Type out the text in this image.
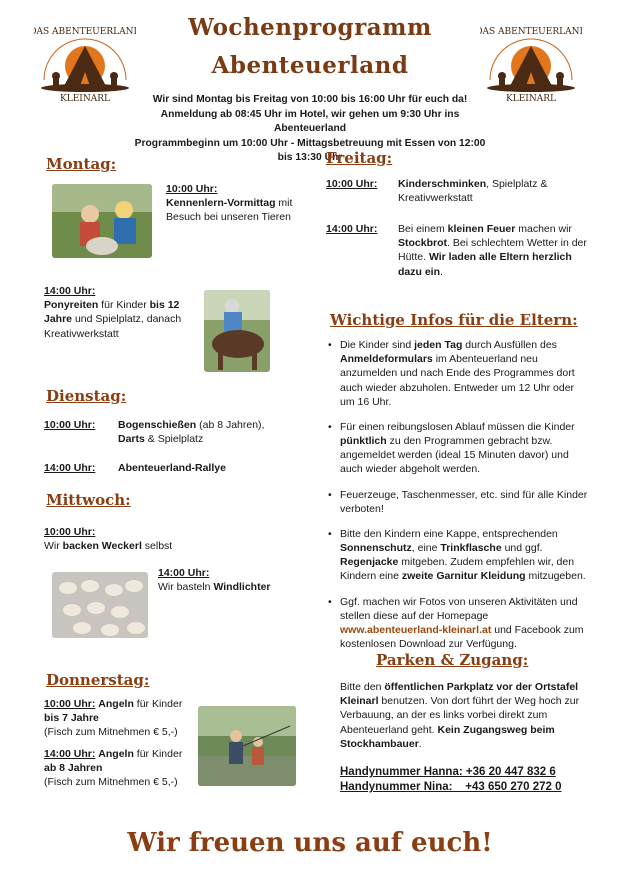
DAS ABENTEUERLAND
KLEINARL
DAS ABENTEUERLAND
KLEINARL
Wochenprogramm
Abenteuerland
Wir sind Montag bis Freitag von 10:00 bis 16:00 Uhr für euch da!
Anmeldung ab 08:45 Uhr im Hotel, wir gehen um 9:30 Uhr ins Abenteuerland
Programmbeginn um 10:00 Uhr - Mittagsbetreuung mit Essen von 12:00 bis 13:30 Uhr
Montag:
10:00 Uhr:
Kennenlern-Vormittag mit Besuch bei unseren Tieren
14:00 Uhr:
Ponyreiten für Kinder bis 12 Jahre und Spielplatz, danach Kreativwerkstatt
Dienstag:
10:00 Uhr: Bogenschießen (ab 8 Jahren),
Darts & Spielplatz
14:00 Uhr: Abenteuerland-Rallye
Mittwoch:
10:00 Uhr:
Wir backen Weckerl selbst
14:00 Uhr:
Wir basteln Windlichter
Donnerstag:
10:00 Uhr: Angeln für Kinder
bis 7 Jahre
(Fisch zum Mitnehmen € 5,-)
14:00 Uhr: Angeln für Kinder
ab 8 Jahren
(Fisch zum Mitnehmen € 5,-)
Freitag:
10:00 Uhr: Kinderschminken, Spielplatz & Kreativwerkstatt
14:00 Uhr: Bei einem kleinen Feuer machen wir Stockbrot. Bei schlechtem Wetter in der Hütte. Wir laden alle Eltern herzlich dazu ein.
Wichtige Infos für die Eltern:
• Die Kinder sind jeden Tag durch Ausfüllen des Anmeldeformulars im Abenteuerland neu anzumelden und nach Ende des Programmes dort auch wieder abzuholen. Entweder um 12 Uhr oder um 16 Uhr.
• Für einen reibungslosen Ablauf müssen die Kinder pünktlich zu den Programmen gebracht bzw. angemeldet werden (ideal 15 Minuten davor) und auch wieder abgeholt werden.
• Feuerzeuge, Taschenmesser, etc. sind für alle Kinder verboten!
• Bitte den Kindern eine Kappe, entsprechenden Sonnenschutz, eine Trinkflasche und ggf. Regenjacke mitgeben. Zudem empfehlen wir, den Kindern eine zweite Garnitur Kleidung mitzugeben.
• Ggf. machen wir Fotos von unseren Aktivitäten und stellen diese auf der Homepage www.abenteuerland-kleinarl.at und Facebook zum kostenlosen Download zur Verfügung.
Parken & Zugang:
Bitte den öffentlichen Parkplatz vor der Ortstafel Kleinarl benutzen. Von dort führt der Weg hoch zur Verbauung, an der es links vorbei direkt zum Abenteuerland geht. Kein Zugangsweg beim Stockhambauer.
Handynummer Hanna: +36 20 447 832 6
Handynummer Nina:    +43 650 270 272 0
Wir freuen uns auf euch!
